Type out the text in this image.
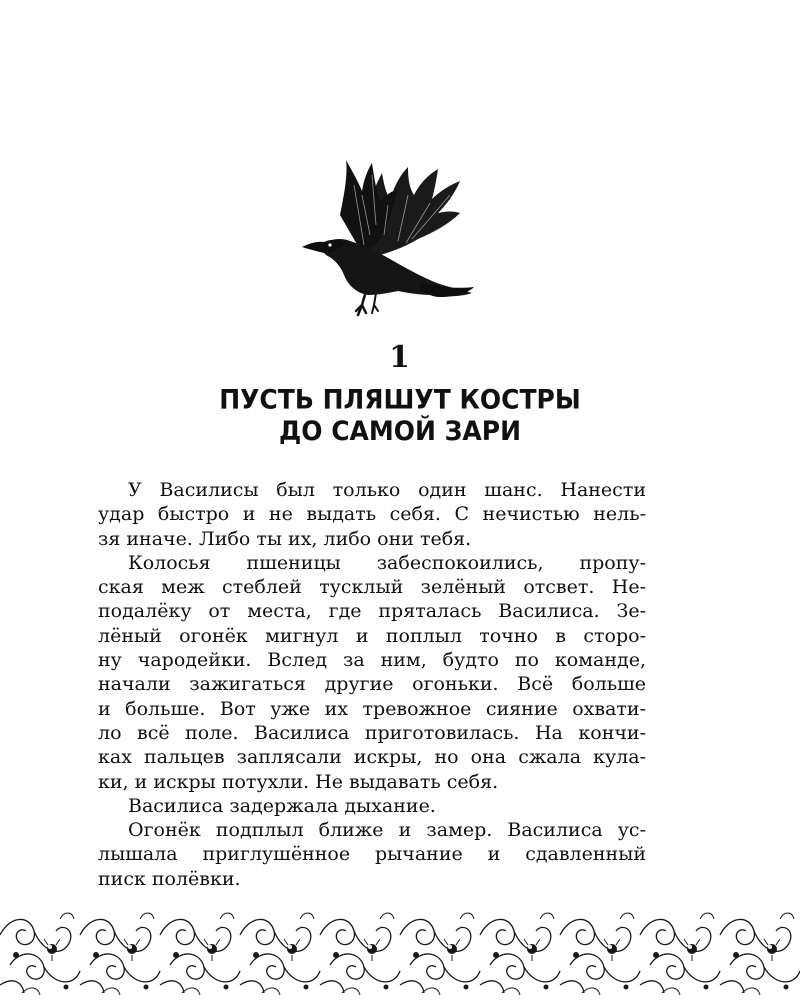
1
ПУСТЬ ПЛЯШУТ КОСТРЫ
ДО САМОЙ ЗАРИ
У Василисы был только один шанс. Нанести
удар быстро и не выдать себя. С нечистью нель-
зя иначе. Либо ты их, либо они тебя.
Колосья пшеницы забеспокоились, пропу-
ская меж стеблей тусклый зелёный отсвет. Не-
подалёку от места, где пряталась Василиса. Зе-
лёный огонёк мигнул и поплыл точно в сторо-
ну чародейки. Вслед за ним, будто по команде,
начали зажигаться другие огоньки. Всё больше
и больше. Вот уже их тревожное сияние охвати-
ло всё поле. Василиса приготовилась. На кончи-
ках пальцев заплясали искры, но она сжала кула-
ки, и искры потухли. Не выдавать себя.
Василиса задержала дыхание.
Огонёк подплыл ближе и замер. Василиса ус-
лышала приглушённое рычание и сдавленный
писк полёвки.
